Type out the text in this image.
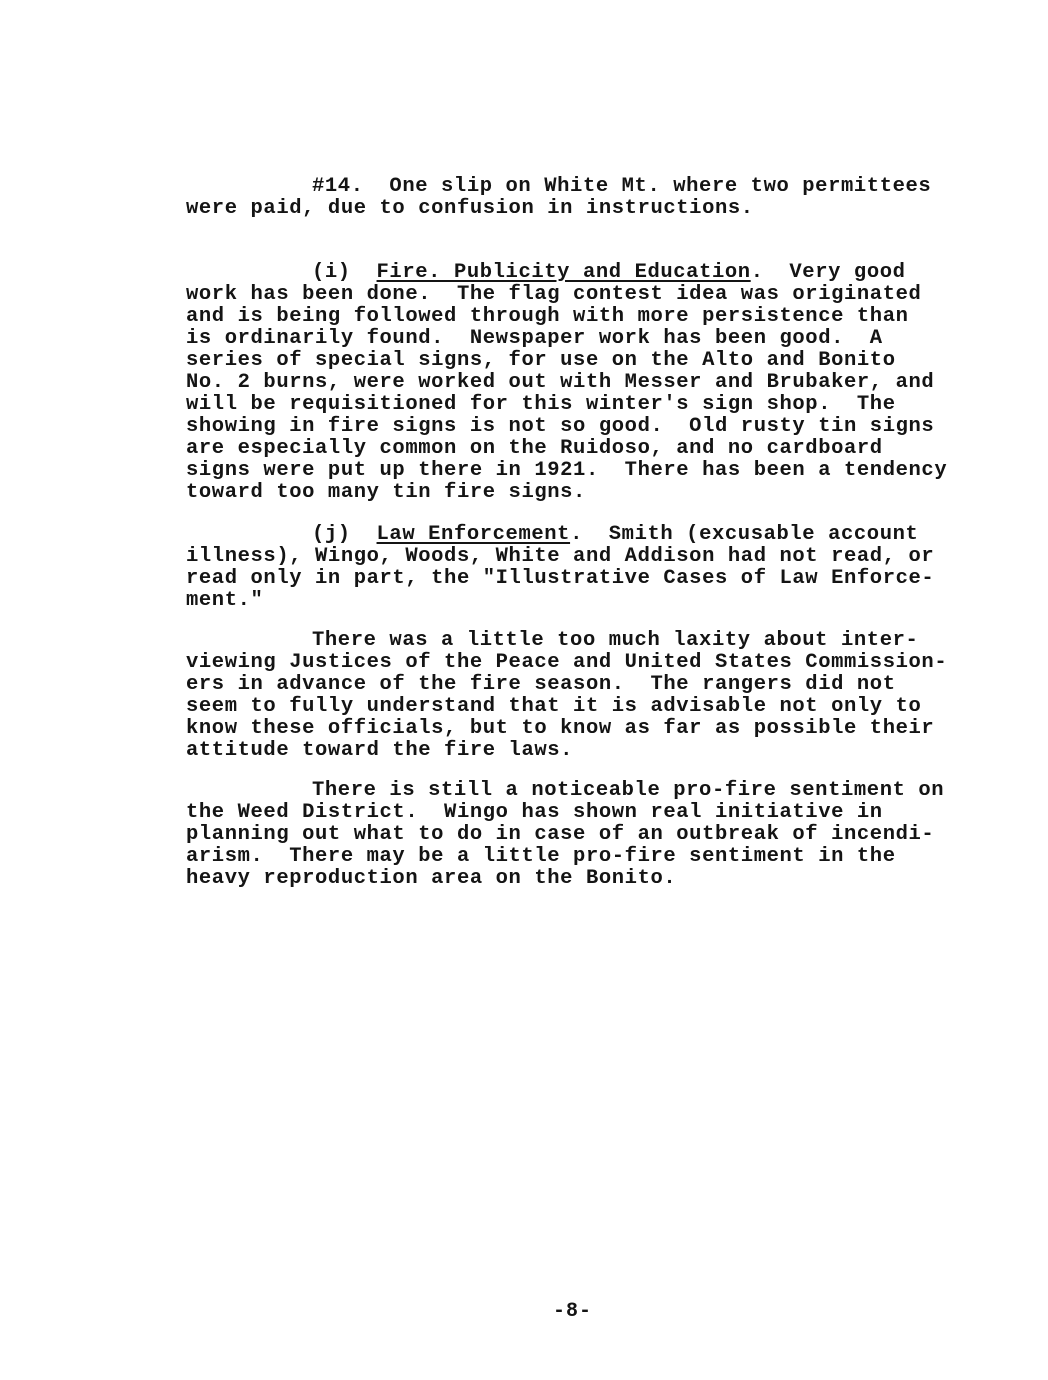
#14.  One slip on White Mt. where two permittees
were paid, due to confusion in instructions.
(i) Fire. Publicity and Education.  Very good
work has been done.  The flag contest idea was originated
and is being followed through with more persistence than
is ordinarily found.  Newspaper work has been good.  A
series of special signs, for use on the Alto and Bonito
No. 2 burns, were worked out with Messer and Brubaker, and
will be requisitioned for this winter's sign shop.  The
showing in fire signs is not so good.  Old rusty tin signs
are especially common on the Ruidoso, and no cardboard
signs were put up there in 1921.  There has been a tendency
toward too many tin fire signs.
(j) Law Enforcement.  Smith (excusable account
illness), Wingo, Woods, White and Addison had not read, or
read only in part, the "Illustrative Cases of Law Enforce-
ment."
There was a little too much laxity about inter-
viewing Justices of the Peace and United States Commission-
ers in advance of the fire season.  The rangers did not
seem to fully understand that it is advisable not only to
know these officials, but to know as far as possible their
attitude toward the fire laws.
There is still a noticeable pro-fire sentiment on
the Weed District.  Wingo has shown real initiative in
planning out what to do in case of an outbreak of incendi-
arism.  There may be a little pro-fire sentiment in the
heavy reproduction area on the Bonito.
-8-
